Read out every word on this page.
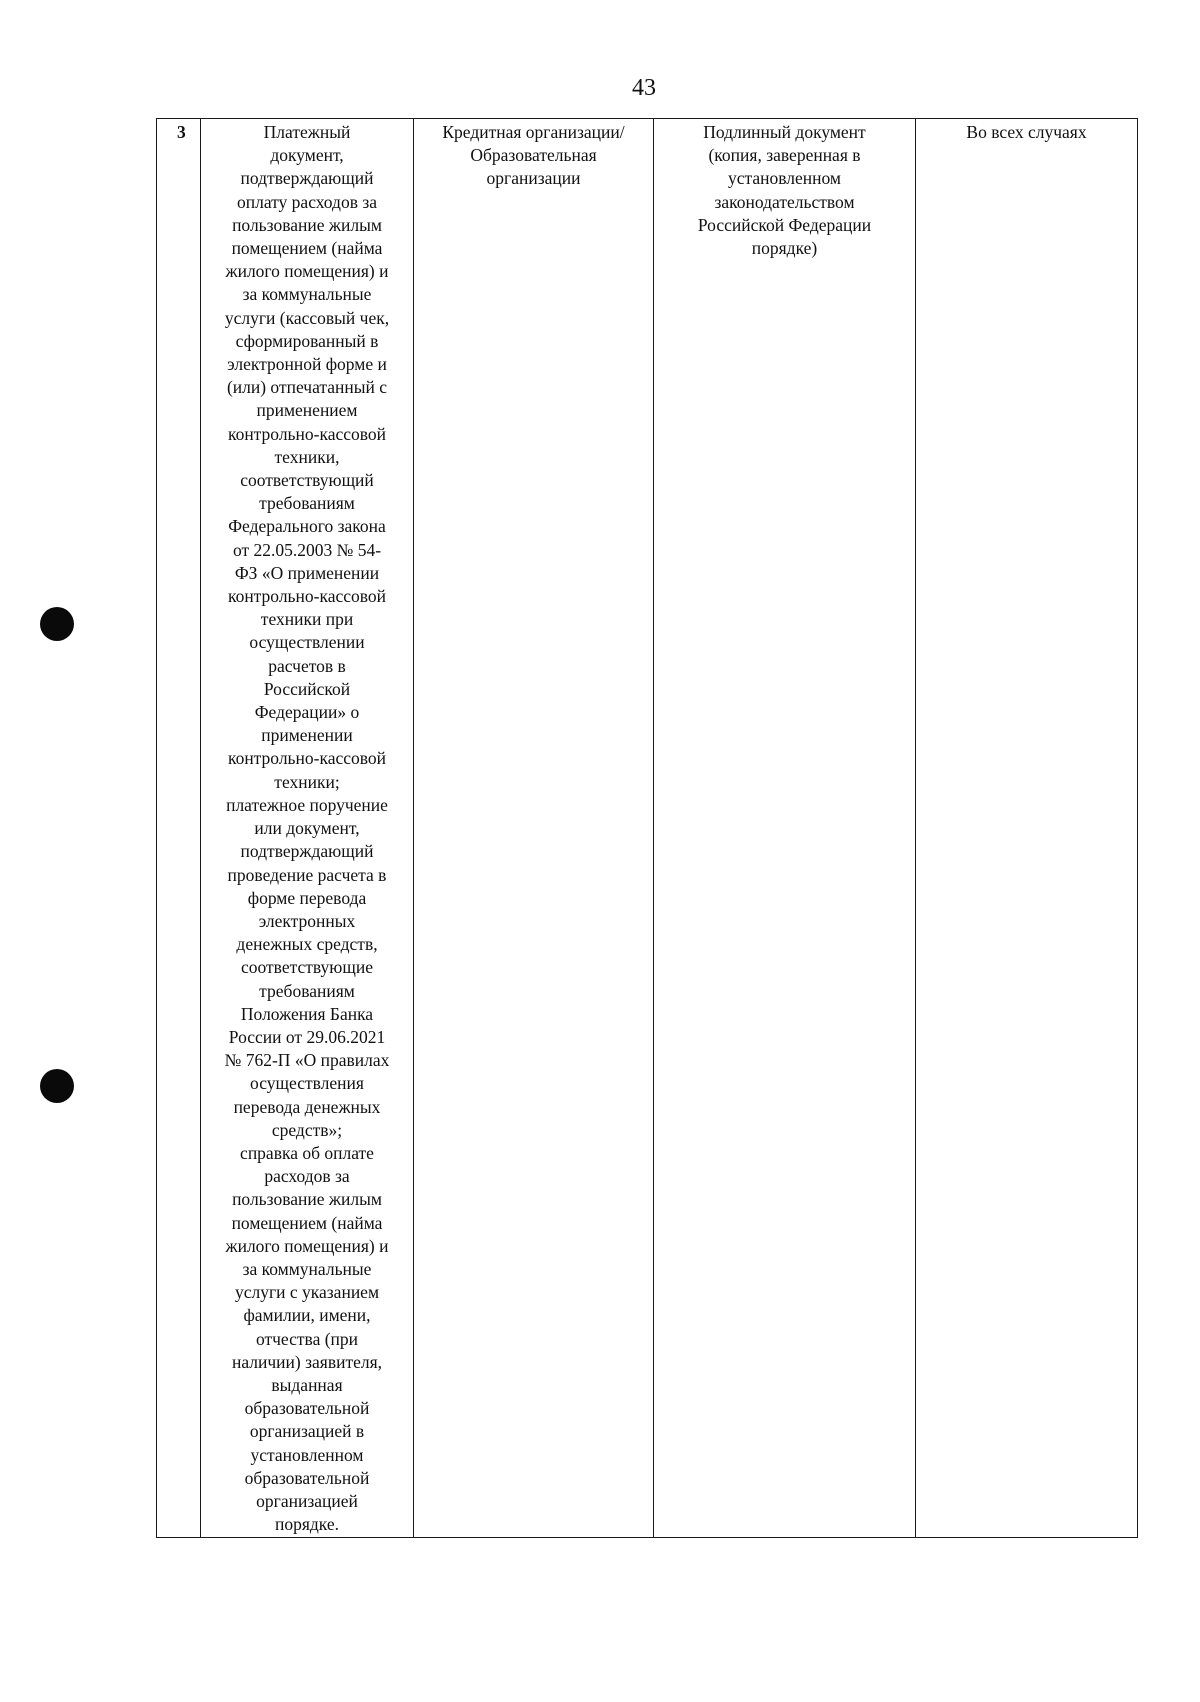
43
3	Платежный
документ,
подтверждающий
оплату расходов за
пользование жилым
помещением (найма
жилого помещения) и
за коммунальные
услуги (кассовый чек,
сформированный в
электронной форме и
(или) отпечатанный с
применением
контрольно-кассовой
техники,
соответствующий
требованиям
Федерального закона
от 22.05.2003 № 54-
ФЗ «О применении
контрольно-кассовой
техники при
осуществлении
расчетов в
Российской
Федерации» о
применении
контрольно-кассовой
техники;
платежное поручение
или документ,
подтверждающий
проведение расчета в
форме перевода
электронных
денежных средств,
соответствующие
требованиям
Положения Банка
России от 29.06.2021
№ 762-П «О правилах
осуществления
перевода денежных
средств»;
справка об оплате
расходов за
пользование жилым
помещением (найма
жилого помещения) и
за коммунальные
услуги с указанием
фамилии, имени,
отчества (при
наличии) заявителя,
выданная
образовательной
организацией в
установленном
образовательной
организацией
порядке.	Кредитная организации/
Образовательная
организации	Подлинный документ
(копия, заверенная в
установленном
законодательством
Российской Федерации
порядке)	Во всех случаях
